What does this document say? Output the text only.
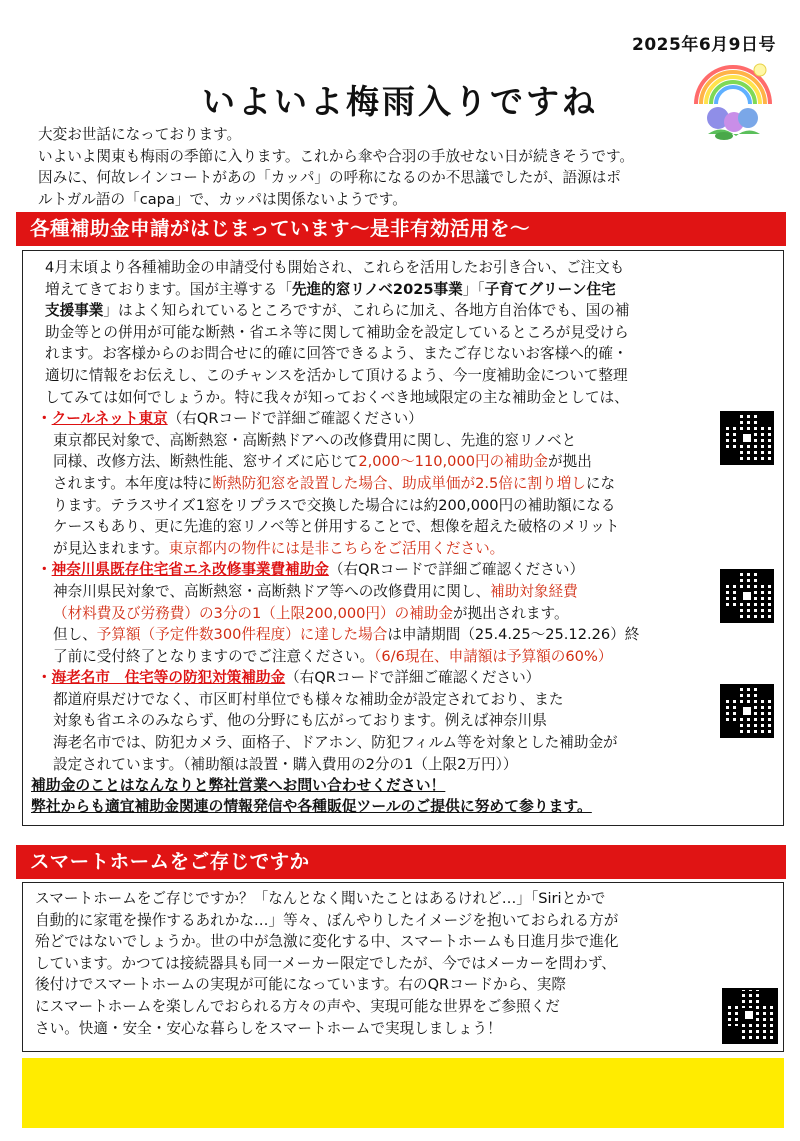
2025年6月9日号
いよいよ梅雨入りですね

大変お世話になっております。

いよいよ関東も梅雨の季節に入ります。これから傘や合羽の手放せない日が続きそうです。

因みに、何故レインコートがあの「カッパ」の呼称になるのか不思議でしたが、語源はポ

ルトガル語の「capa」で、カッパは関係ないようです。

各種補助金申請がはじまっています～是非有効活用を～

4月末頃より各種補助金の申請受付も開始され、これらを活用したお引き合い、ご注文も

増えてきております。国が主導する「先進的窓リノベ2025事業」「子育てグリーン住宅

支援事業」はよく知られているところですが、これらに加え、各地方自治体でも、国の補

助金等との併用が可能な断熱・省エネ等に関して補助金を設定しているところが見受けら

れます。お客様からのお問合せに的確に回答できるよう、またご存じないお客様へ的確・

適切に情報をお伝えし、このチャンスを活かして頂けるよう、今一度補助金について整理

してみては如何でしょうか。特に我々が知っておくべき地域限定の主な補助金としては、

・クールネット東京（右QRコードで詳細ご確認ください）

東京都民対象で、高断熱窓・高断熱ドアへの改修費用に関し、先進的窓リノベと

同様、改修方法、断熱性能、窓サイズに応じて2,000～110,000円の補助金が拠出

されます。本年度は特に断熱防犯窓を設置した場合、助成単価が2.5倍に割り増しにな

ります。テラスサイズ1窓をリプラスで交換した場合には約200,000円の補助額になる

ケースもあり、更に先進的窓リノベ等と併用することで、想像を超えた破格のメリット

が見込まれます。東京都内の物件には是非こちらをご活用ください。

・神奈川県既存住宅省エネ改修事業費補助金（右QRコードで詳細ご確認ください）

神奈川県民対象で、高断熱窓・高断熱ドア等への改修費用に関し、補助対象経費

（材料費及び労務費）の3分の1（上限200,000円）の補助金が拠出されます。

但し、予算額（予定件数300件程度）に達した場合は申請期間（25.4.25～25.12.26）終

了前に受付終了となりますのでご注意ください。（6/6現在、申請額は予算額の60%）

・海老名市　住宅等の防犯対策補助金（右QRコードで詳細ご確認ください）

都道府県だけでなく、市区町村単位でも様々な補助金が設定されており、また

対象も省エネのみならず、他の分野にも広がっております。例えば神奈川県

海老名市では、防犯カメラ、面格子、ドアホン、防犯フィルム等を対象とした補助金が

設定されています。（補助額は設置・購入費用の2分の1（上限2万円））

補助金のことはなんなりと弊社営業へお問い合わせください！

弊社からも適宜補助金関連の情報発信や各種販促ツールのご提供に努めて参ります。

スマートホームをご存じですか

スマートホームをご存じですか？「なんとなく聞いたことはあるけれど…」「Siriとかで

自動的に家電を操作するあれかな…」等々、ぼんやりしたイメージを抱いておられる方が

殆どではないでしょうか。世の中が急激に変化する中、スマートホームも日進月歩で進化

しています。かつては接続器具も同一メーカー限定でしたが、今ではメーカーを問わず、

後付けでスマートホームの実現が可能になっています。右のQRコードから、実際

にスマートホームを楽しんでおられる方々の声や、実現可能な世界をご参照くだ

さい。快適・安全・安心な暮らしをスマートホームで実現しましょう！
